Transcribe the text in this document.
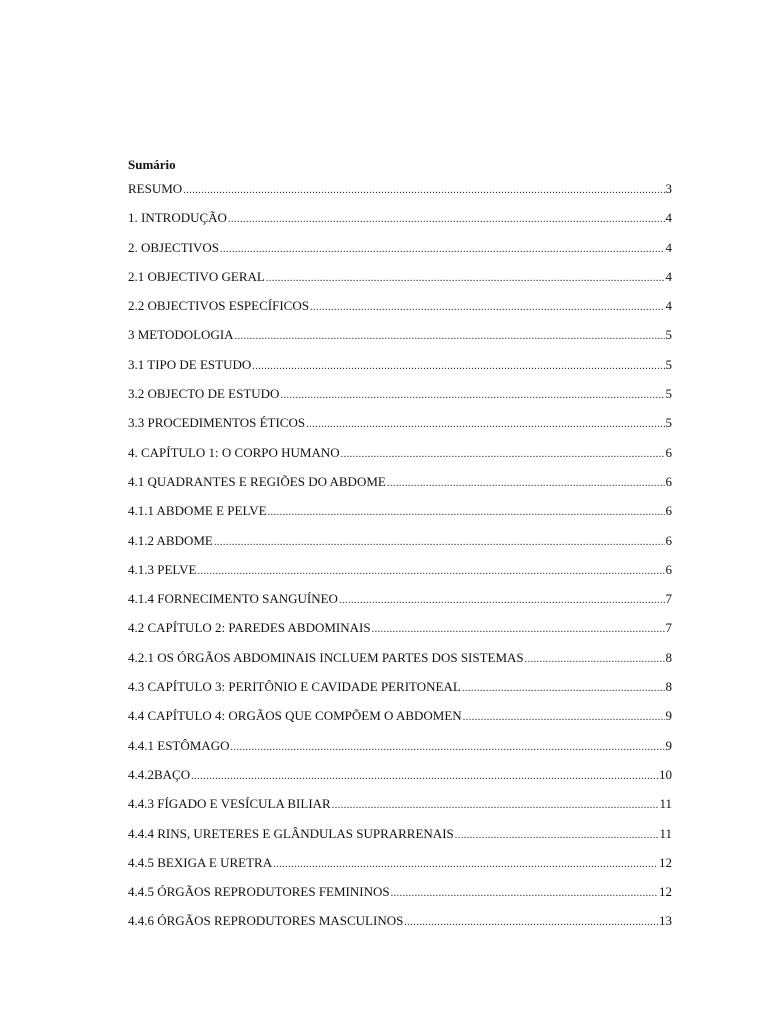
Sumário
RESUMO .....	3
1. INTRODUÇÃO .....	4
2. OBJECTIVOS .....	4
2.1 OBJECTIVO GERAL .....	4
2.2 OBJECTIVOS ESPECÍFICOS .....	4
3 METODOLOGIA .....	5
3.1 TIPO DE ESTUDO .....	5
3.2 OBJECTO DE ESTUDO .....	5
3.3 PROCEDIMENTOS ÉTICOS .....	5
4. CAPÍTULO 1: O CORPO HUMANO .....	6
4.1 QUADRANTES E REGIÕES DO ABDOME .....	6
4.1.1 ABDOME E PELVE .....	6
4.1.2 ABDOME .....	6
4.1.3 PELVE .....	6
4.1.4 FORNECIMENTO SANGUÍNEO .....	7
4.2 CAPÍTULO 2: PAREDES ABDOMINAIS .....	7
4.2.1 OS ÓRGÃOS ABDOMINAIS INCLUEM PARTES DOS SISTEMAS .....	8
4.3 CAPÍTULO 3: PERITÔNIO E CAVIDADE PERITONEAL .....	8
4.4 CAPÍTULO 4: ORGÃOS QUE COMPÕEM O ABDOMEN .....	9
4.4.1 ESTÔMAGO .....	9
4.4.2BAÇO .....	10
4.4.3 FÍGADO E VESÍCULA BILIAR .....	11
4.4.4 RINS, URETERES E GLÂNDULAS SUPRARRENAIS .....	11
4.4.5 BEXIGA E URETRA .....	12
4.4.5 ÓRGÃOS REPRODUTORES FEMININOS .....	12
4.4.6 ÓRGÃOS REPRODUTORES MASCULINOS .....	13
